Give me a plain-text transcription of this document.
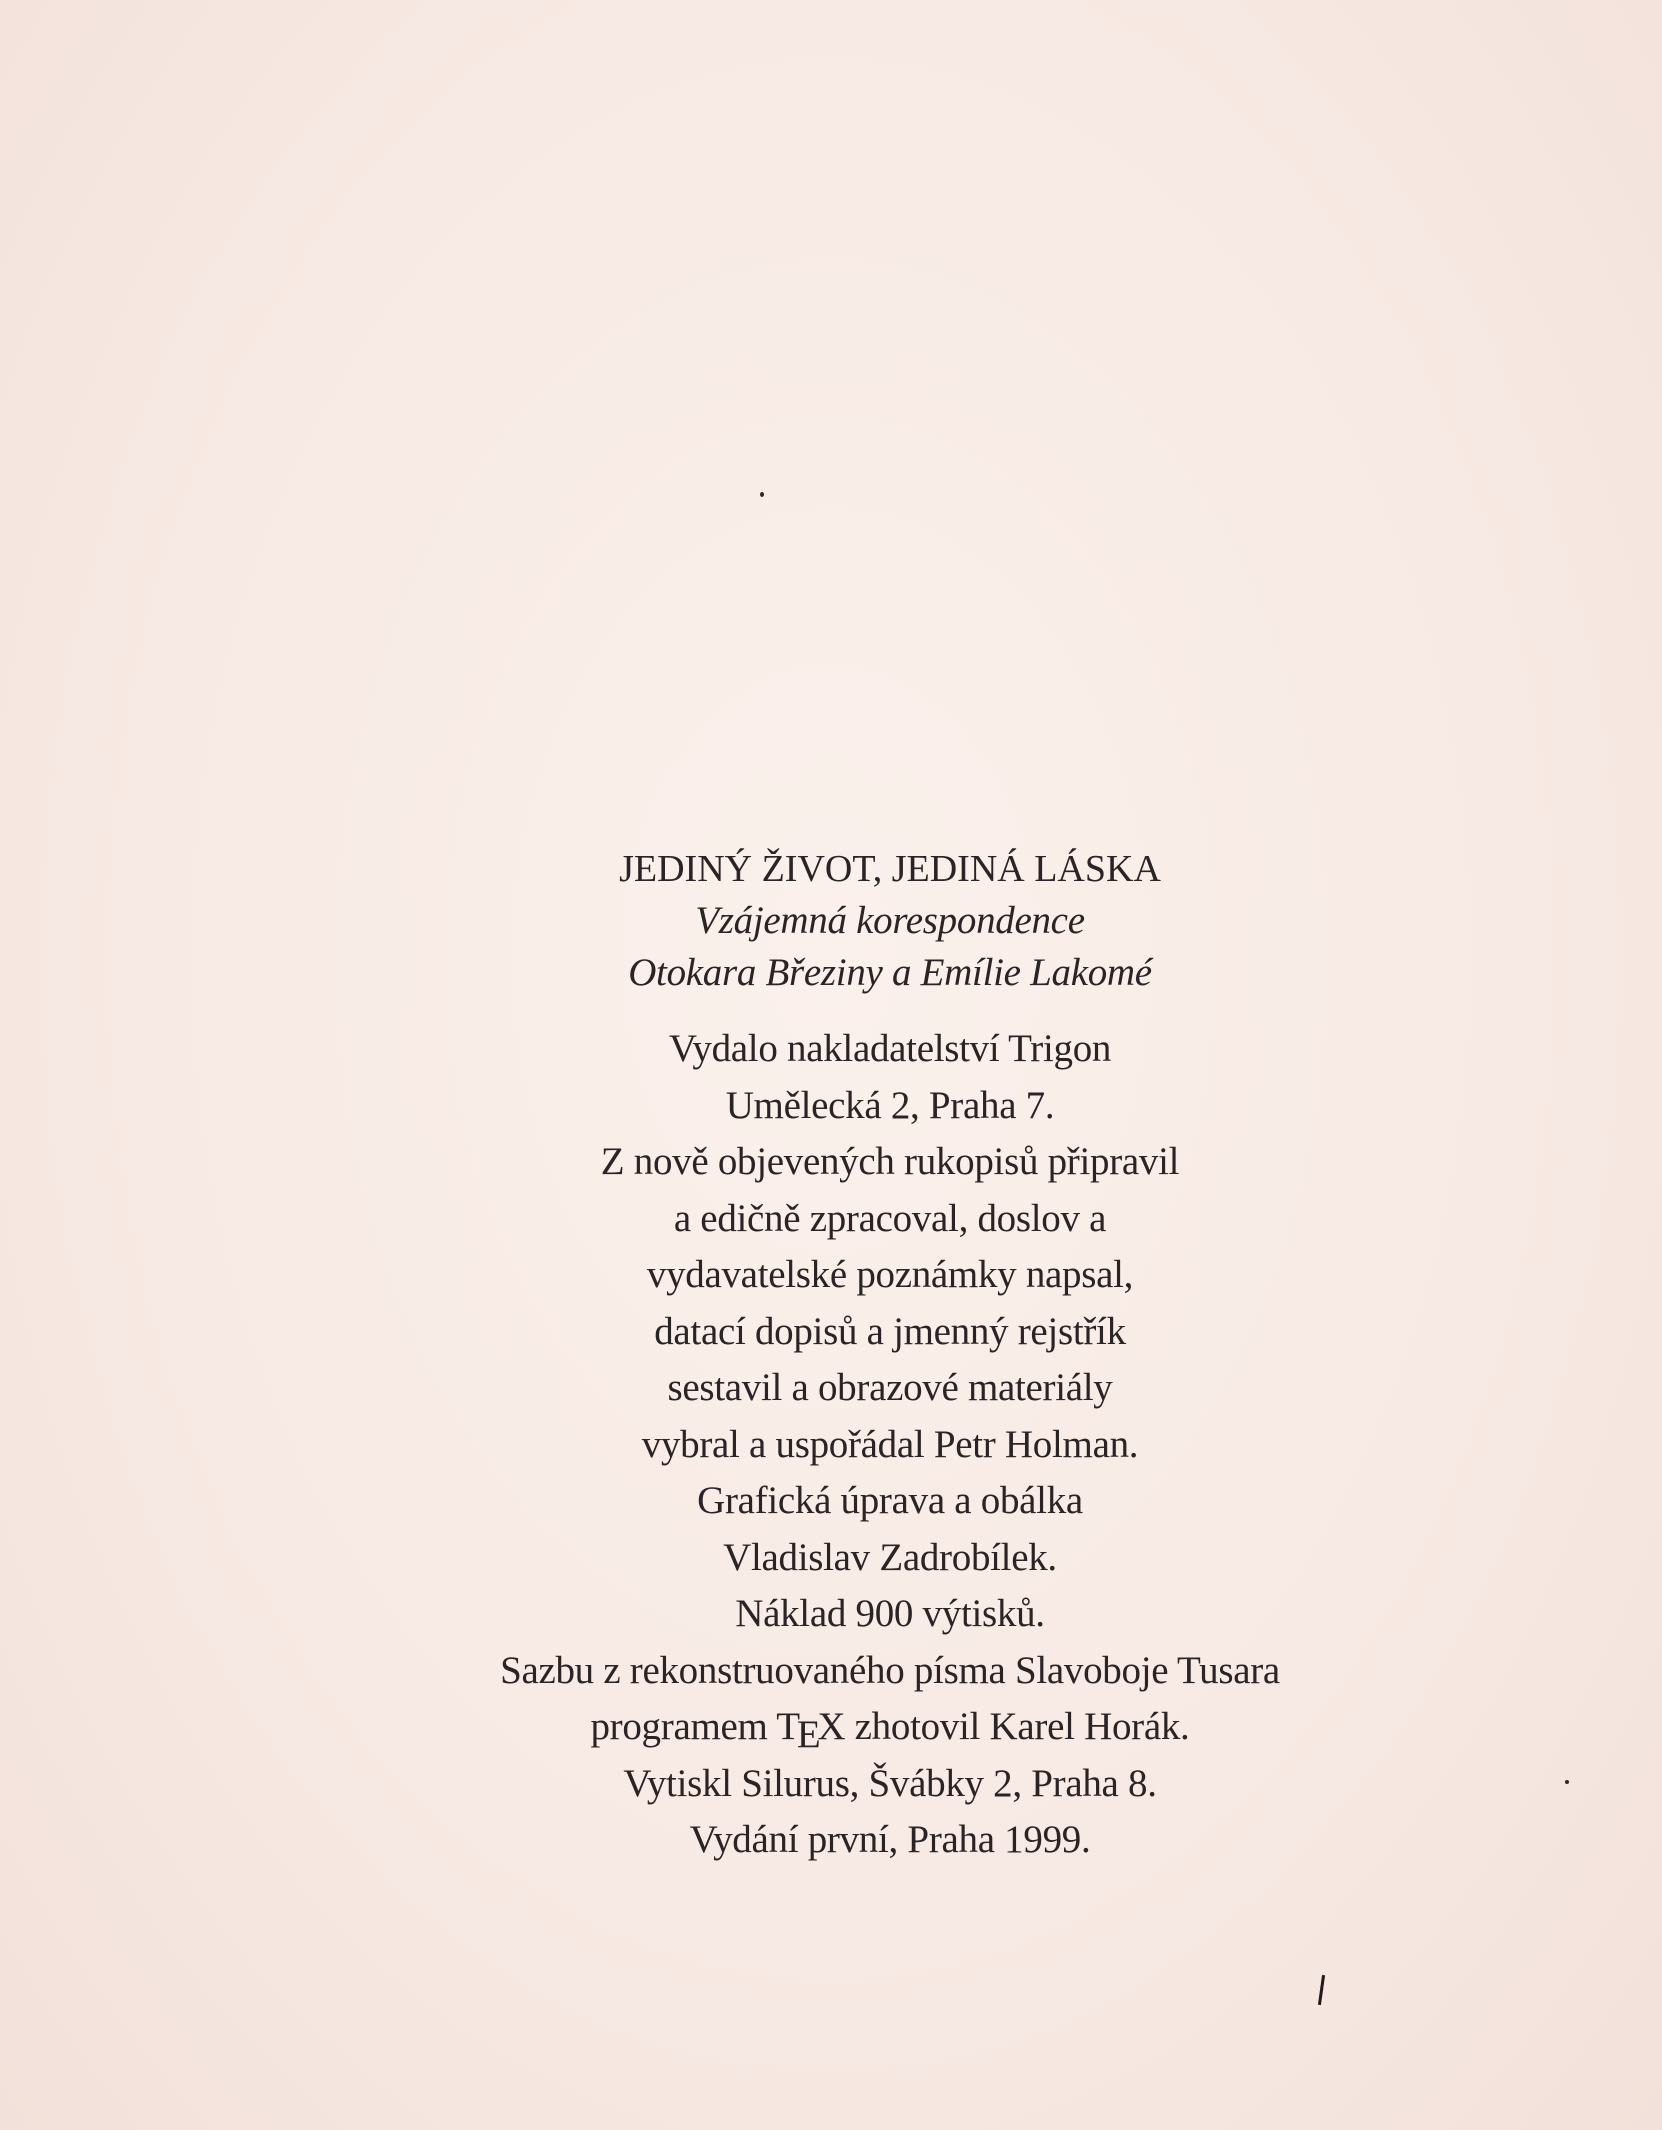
JEDINÝ ŽIVOT, JEDINÁ LÁSKA
Vzájemná korespondence
Otokara Březiny a Emílie Lakomé
Vydalo nakladatelství Trigon
Umělecká 2, Praha 7.
Z nově objevených rukopisů připravil
a edičně zpracoval, doslov a
vydavatelské poznámky napsal,
datací dopisů a jmenný rejstřík
sestavil a obrazové materiály
vybral a uspořádal Petr Holman.
Grafická úprava a obálka
Vladislav Zadrobílek.
Náklad 900 výtisků.
Sazbu z rekonstruovaného písma Slavoboje Tusara
programem TEX zhotovil Karel Horák.
Vytiskl Silurus, Švábky 2, Praha 8.
Vydání první, Praha 1999.
